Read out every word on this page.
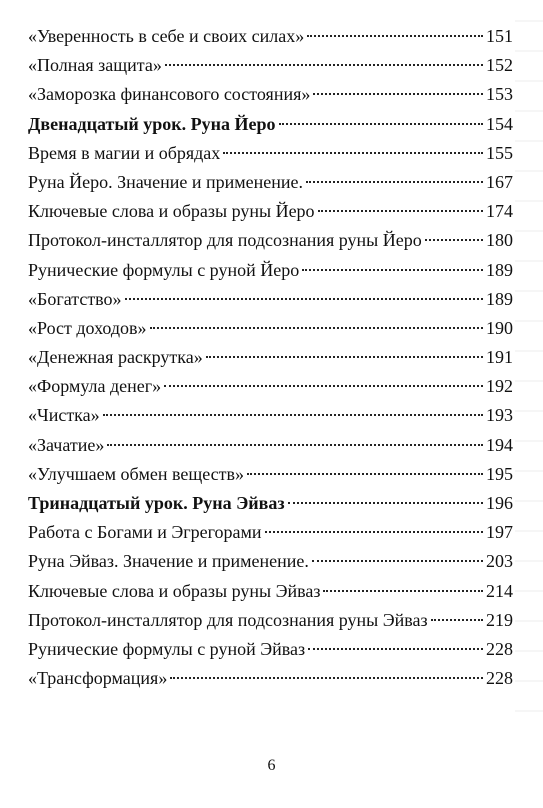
«Уверенность в себе и своих силах»	151
«Полная защита»	152
«Заморозка финансового состояния»	153
Двенадцатый урок. Руна Йеро	154
Время в магии и обрядах	155
Руна Йеро. Значение и применение.	167
Ключевые слова и образы руны Йеро	174
Протокол-инсталлятор для подсознания руны Йеро	180
Рунические формулы с руной Йеро	189
«Богатство»	189
«Рост доходов»	190
«Денежная раскрутка»	191
«Формула денег»	192
«Чистка»	193
«Зачатие»	194
«Улучшаем обмен веществ»	195
Тринадцатый урок. Руна Эйваз	196
Работа с Богами и Эгрегорами	197
Руна Эйваз. Значение и применение.	203
Ключевые слова и образы руны Эйваз	214
Протокол-инсталлятор для подсознания руны Эйваз	219
Рунические формулы с руной Эйваз	228
«Трансформация»	228
6
